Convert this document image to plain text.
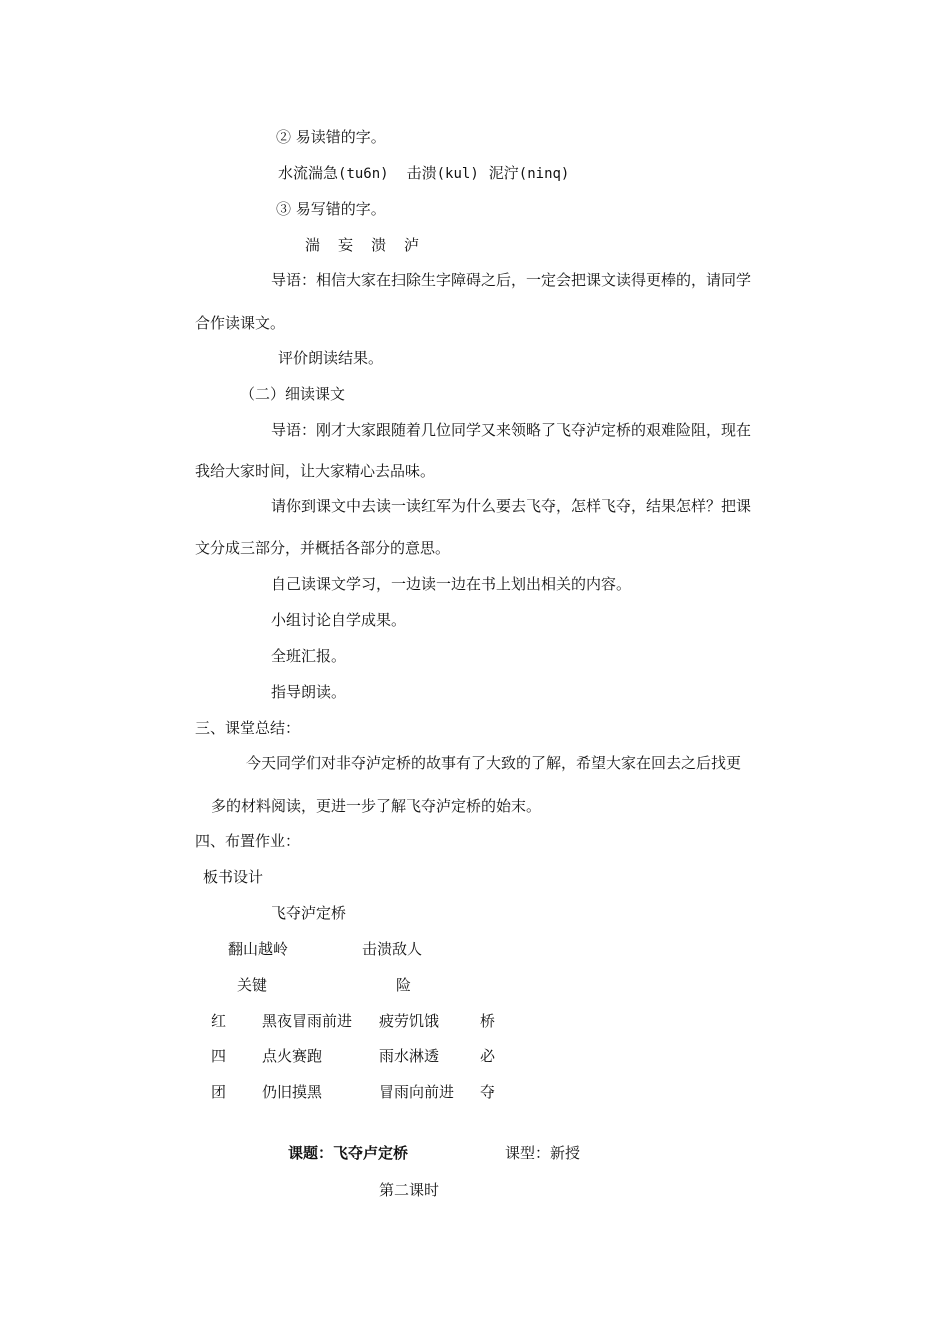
② 易读错的字。
水流湍急(tu6n) 击溃(kul) 泥泞(ninq)
③ 易写错的字。
湍 妄 溃 泸
导语：相信大家在扫除生字障碍之后，一定会把课文读得更棒的，请同学
合作读课文。
评价朗读结果。
（二）细读课文
导语：刚才大家跟随着几位同学又来领略了飞夺泸定桥的艰难险阻，现在
我给大家时间，让大家精心去品味。
请你到课文中去读一读红军为什么要去飞夺，怎样飞夺，结果怎样？把课
文分成三部分，并概括各部分的意思。
自己读课文学习，一边读一边在书上划出相关的内容。
小组讨论自学成果。
全班汇报。
指导朗读。
三、课堂总结：
今天同学们对非夺泸定桥的故事有了大致的了解，希望大家在回去之后找更
多的材料阅读，更进一步了解飞夺泸定桥的始末。
四、布置作业：
板书设计
飞夺泸定桥
翻山越岭	击溃敌人
关键	险
红 黑夜冒雨前进 疲劳饥饿	桥
四 点火赛跑	雨水淋透	必
团 仍旧摸黑	冒雨向前进 夺
课题：飞夺卢定桥	课型：新授
第二课时
